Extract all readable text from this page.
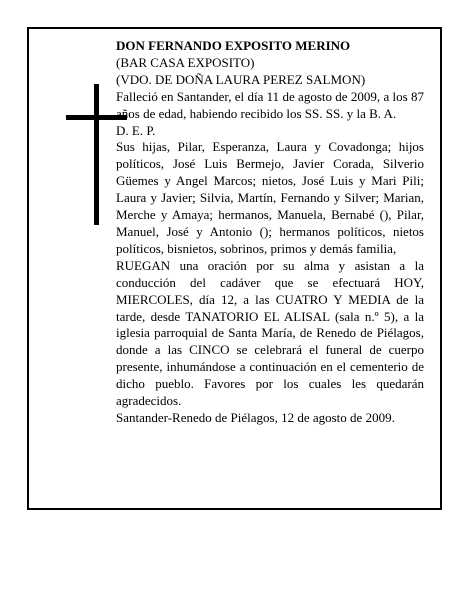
DON FERNANDO EXPOSITO MERINO

(BAR CASA EXPOSITO)

(VDO. DE DOÑA LAURA PEREZ SALMON)

Falleció en Santander, el día 11 de agosto de 2009, a los 87 años de edad, habiendo recibido los SS. SS. y la B. A.

D. E. P.

Sus hijas, Pilar, Esperanza, Laura y Covadonga; hijos políticos, José Luis Bermejo, Javier Corada, Silverio Güemes y Angel Marcos; nietos, José Luis y Mari Pili; Laura y Javier; Silvia, Martín, Fernando y Silver; Marian, Merche y Amaya; hermanos, Manuela, Bernabé (), Pilar, Manuel, José y Antonio (); hermanos políticos, nietos políticos, bisnietos, sobrinos, primos y demás familia,

RUEGAN una oración por su alma y asistan a la conducción del cadáver que se efectuará HOY, MIERCOLES, día 12, a las CUATRO Y MEDIA de la tarde, desde TANATORIO EL ALISAL (sala n.º 5), a la iglesia parroquial de Santa María, de Renedo de Piélagos, donde a las CINCO se celebrará el funeral de cuerpo presente, inhumándose a continuación en el cementerio de dicho pueblo. Favores por los cuales les quedarán agradecidos.

Santander-Renedo de Piélagos, 12 de agosto de 2009.
